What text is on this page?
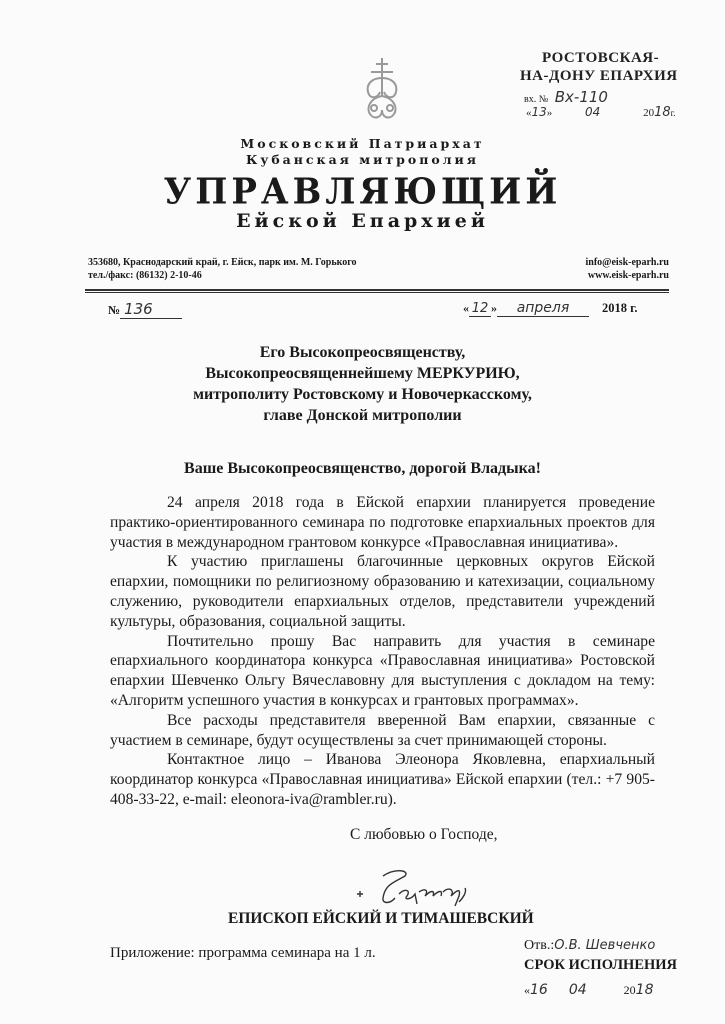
РОСТОВСКАЯ-
НА-ДОНУ ЕПАРХИЯ
вх. № Вх-110
«13»	04	2018г.
Московский Патриархат
Кубанская митрополия
УПРАВЛЯЮЩИЙ
Ейской Епархией
353680, Краснодарский край, г. Ейск, парк им. М. Горького
тел./факс: (86132) 2-10-46
info@eisk-eparh.ru
www.eisk-eparh.ru
№ 136	« 12 » апреля	2018 г.
Его Высокопреосвященству,
Высокопреосвященнейшему МЕРКУРИЮ,
митрополиту Ростовскому и Новочеркасскому,
главе Донской митрополии
Ваше Высокопреосвященство, дорогой Владыка!

24 апреля 2018 года в Ейской епархии планируется проведение практико-ориентированного семинара по подготовке епархиальных проектов для участия в международном грантовом конкурсе «Православная инициатива».

К участию приглашены благочинные церковных округов Ейской епархии, помощники по религиозному образованию и катехизации, социальному служению, руководители епархиальных отделов, представители учреждений культуры, образования, социальной защиты.

Почтительно прошу Вас направить для участия в семинаре епархиального координатора конкурса «Православная инициатива» Ростовской епархии Шевченко Ольгу Вячеславовну для выступления с докладом на тему: «Алгоритм успешного участия в конкурсах и грантовых программах».

Все расходы представителя вверенной Вам епархии, связанные с участием в семинаре, будут осуществлены за счет принимающей стороны.

Контактное лицо – Иванова Элеонора Яковлевна, епархиальный координатор конкурса «Православная инициатива» Ейской епархии (тел.: +7 905-408-33-22, e-mail: eleonora-iva@rambler.ru).

С любовью о Господе,
ЕПИСКОП ЕЙСКИЙ И ТИМАШЕВСКИЙ
Приложение: программа семинара на 1 л.	Отв.:О.В. Шевченко
СРОК ИСПОЛНЕНИЯ
«16 04	2018
